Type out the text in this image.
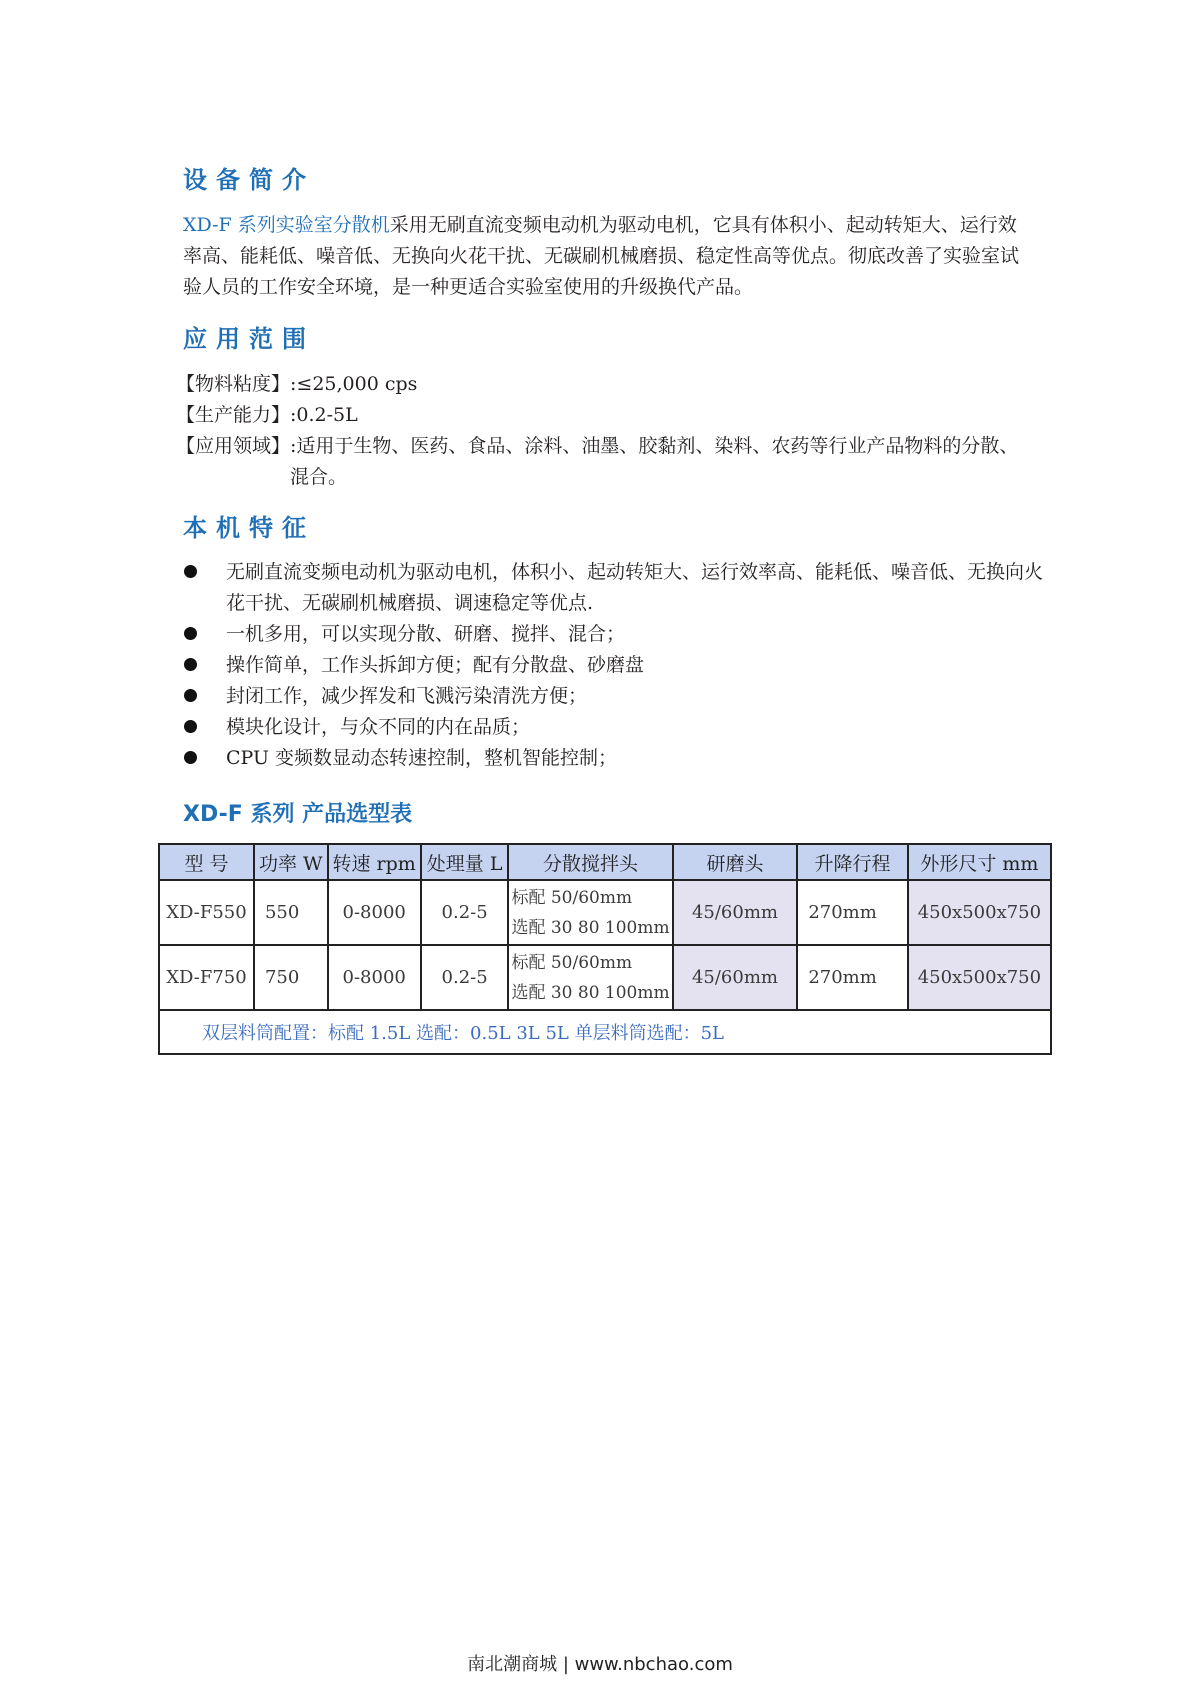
设备简介

XD-F 系列实验室分散机采用无刷直流变频电动机为驱动电机，它具有体积小、起动转矩大、运行效率高、能耗低、噪音低、无换向火花干扰、无碳刷机械磨损、稳定性高等优点。彻底改善了实验室试验人员的工作安全环境，是一种更适合实验室使用的升级换代产品。

应用范围
【物料粘度】 :≤25,000 cps
【生产能力】 :0.2-5L
【应用领域】 :适用于生物、医药、食品、涂料、油墨、胶黏剂、染料、农药等行业产品物料的分散、混合。
本机特征
无刷直流变频电动机为驱动电机，体积小、起动转矩大、运行效率高、能耗低、噪音低、无换向火花干扰、无碳刷机械磨损、调速稳定等优点.
一机多用，可以实现分散、研磨、搅拌、混合；
操作简单，工作头拆卸方便；配有分散盘、砂磨盘
封闭工作，减少挥发和飞溅污染清洗方便；
模块化设计，与众不同的内在品质；
CPU 变频数显动态转速控制，整机智能控制；
XD-F 系列 产品选型表
型 号	功率 W	转速 rpm	处理量 L	分散搅拌头	研磨头	升降行程	外形尺寸 mm
XD-F550	550	0-8000	0.2-5	标配 50/60mm
选配 30 80 100mm	45/60mm	270mm	450x500x750
XD-F750	750	0-8000	0.2-5	标配 50/60mm
选配 30 80 100mm	45/60mm	270mm	450x500x750
双层料筒配置：标配 1.5L 选配：0.5L 3L 5L 单层料筒选配：5L							
南北潮商城 | www.nbchao.com
